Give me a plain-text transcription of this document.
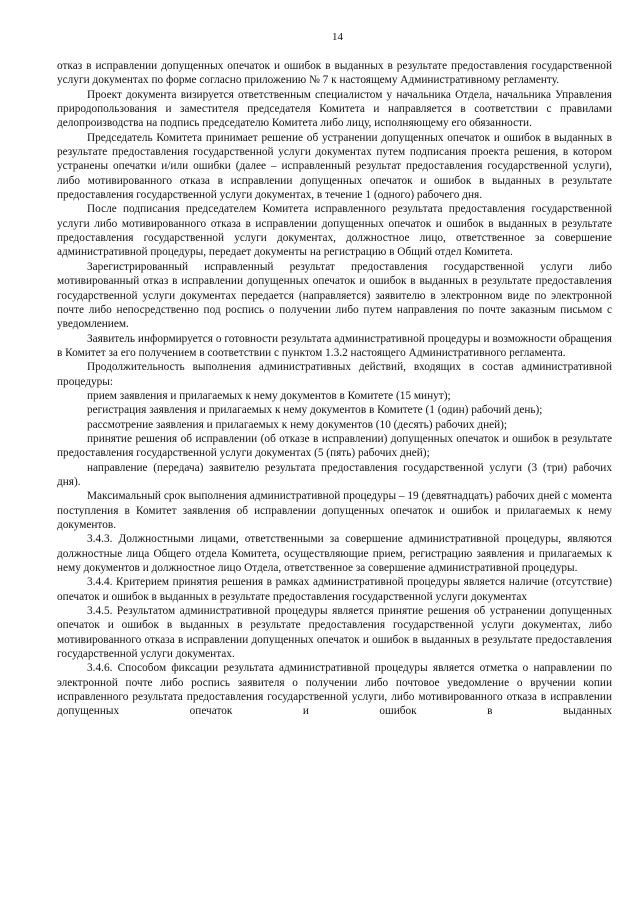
14

отказ в исправлении допущенных опечаток и ошибок в выданных в результате предоставления государственной услуги документах по форме согласно приложению № 7 к настоящему Административному регламенту.

Проект документа визируется ответственным специалистом у начальника Отдела, начальника Управления природопользования и заместителя председателя Комитета и направляется в соответствии с правилами делопроизводства на подпись председателю Комитета либо лицу, исполняющему его обязанности.

Председатель Комитета принимает решение об устранении допущенных опечаток и ошибок в выданных в результате предоставления государственной услуги документах путем подписания проекта решения, в котором устранены опечатки и/или ошибки (далее – исправленный результат предоставления государственной услуги), либо мотивированного отказа в исправлении допущенных опечаток и ошибок в выданных в результате предоставления государственной услуги документах, в течение 1 (одного) рабочего дня.

После подписания председателем Комитета исправленного результата предоставления государственной услуги либо мотивированного отказа в исправлении допущенных опечаток и ошибок в выданных в результате предоставления государственной услуги документах, должностное лицо, ответственное за совершение административной процедуры, передает документы на регистрацию в Общий отдел Комитета.

Зарегистрированный исправленный результат предоставления государственной услуги либо мотивированный отказ в исправлении допущенных опечаток и ошибок в выданных в результате предоставления государственной услуги документах передается (направляется) заявителю в электронном виде по электронной почте либо непосредственно под роспись о получении либо путем направления по почте заказным письмом с уведомлением.

Заявитель информируется о готовности результата административной процедуры и возможности обращения в Комитет за его получением в соответствии с пунктом 1.3.2 настоящего Административного регламента.

Продолжительность выполнения административных действий, входящих в состав административной процедуры:

прием заявления и прилагаемых к нему документов в Комитете (15 минут);

регистрация заявления и прилагаемых к нему документов в Комитете (1 (один) рабочий день);

рассмотрение заявления и прилагаемых к нему документов (10 (десять) рабочих дней);

принятие решения об исправлении (об отказе в исправлении) допущенных опечаток и ошибок в результате предоставления государственной услуги документах (5 (пять) рабочих дней);

направление (передача) заявителю результата предоставления государственной услуги (3 (три) рабочих дня).

Максимальный срок выполнения административной процедуры – 19 (девятнадцать) рабочих дней с момента поступления в Комитет заявления об исправлении допущенных опечаток и ошибок и прилагаемых к нему документов.

3.4.3. Должностными лицами, ответственными за совершение административной процедуры, являются должностные лица Общего отдела Комитета, осуществляющие прием, регистрацию заявления и прилагаемых к нему документов и должностное лицо Отдела, ответственное за совершение административной процедуры.

3.4.4. Критерием принятия решения в рамках административной процедуры является наличие (отсутствие) опечаток и ошибок в выданных в результате предоставления государственной услуги документах

3.4.5. Результатом административной процедуры является принятие решения об устранении допущенных опечаток и ошибок в выданных в результате предоставления государственной услуги документах, либо мотивированного отказа в исправлении допущенных опечаток и ошибок в выданных в результате предоставления государственной услуги документах.

3.4.6. Способом фиксации результата административной процедуры является отметка о направлении по электронной почте либо роспись заявителя о получении либо почтовое уведомление о вручении копии исправленного результата предоставления государственной услуги, либо мотивированного отказа в исправлении допущенных опечаток и ошибок в выданных
